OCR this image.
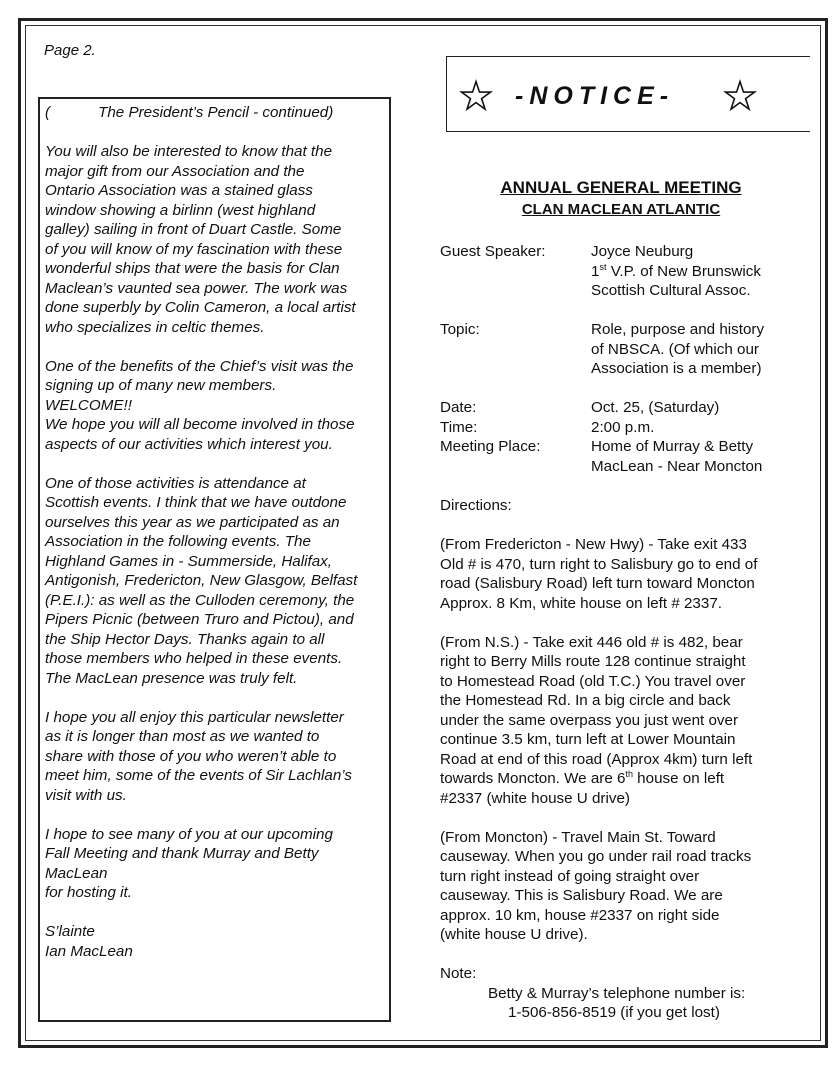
Page 2.
(	The President’s Pencil - continued)

You will also be interested to know that the
major gift from our Association and the
Ontario Association was a stained glass
window showing a birlinn (west highland
galley) sailing in front of Duart Castle. Some
of you will know of my fascination with these
wonderful ships that were the basis for Clan
Maclean’s vaunted sea power. The work was
done superbly by Colin Cameron, a local artist
who specializes in celtic themes.

One of the benefits of the Chief’s visit was the
signing up of many new members.
WELCOME!!
We hope you will all become involved in those
aspects of our activities which interest you.

One of those activities is attendance at
Scottish events. I think that we have outdone
ourselves this year as we participated as an
Association in the following events. The
Highland Games in - Summerside, Halifax,
Antigonish, Fredericton, New Glasgow, Belfast
(P.E.I.): as well as the Culloden ceremony, the
Pipers Picnic (between Truro and Pictou), and
the Ship Hector Days. Thanks again to all
those members who helped in these events.
The MacLean presence was truly felt.

I hope you all enjoy this particular newsletter
as it is longer than most as we wanted to
share with those of you who weren’t able to
meet him, some of the events of Sir Lachlan’s
visit with us.

I hope to see many of you at our upcoming
Fall Meeting and thank Murray and Betty
MacLean
for hosting it.

S’lainte
Ian MacLean

★ -NOTICE- ★
ANNUAL GENERAL MEETING
CLAN MACLEAN ATLANTIC
Guest Speaker:	Joyce Neuburg
1st V.P. of New Brunswick
Scottish Cultural Assoc.
Topic:	Role, purpose and history
of NBSCA. (Of which our
Association is a member)
Date:	Oct. 25, (Saturday)
Time:	2:00 p.m.
Meeting Place:	Home of Murray & Betty
MacLean - Near Moncton

Directions:

(From Fredericton - New Hwy) - Take exit 433
Old # is 470, turn right to Salisbury go to end of
road (Salisbury Road) left turn toward Moncton
Approx. 8 Km, white house on left # 2337.

(From N.S.) - Take exit 446 old # is 482, bear
right to Berry Mills route 128 continue straight
to Homestead Road (old T.C.) You travel over
the Homestead Rd. In a big circle and back
under the same overpass you just went over
continue 3.5 km, turn left at Lower Mountain
Road at end of this road (Approx 4km) turn left
towards Moncton. We are 6th house on left
#2337 (white house U drive)

(From Moncton) - Travel Main St. Toward
causeway. When you go under rail road tracks
turn right instead of going straight over
causeway. This is Salisbury Road. We are
approx. 10 km, house #2337 on right side
(white house U drive).

Note:

Betty & Murray’s telephone number is:

1-506-856-8519 (if you get lost)
